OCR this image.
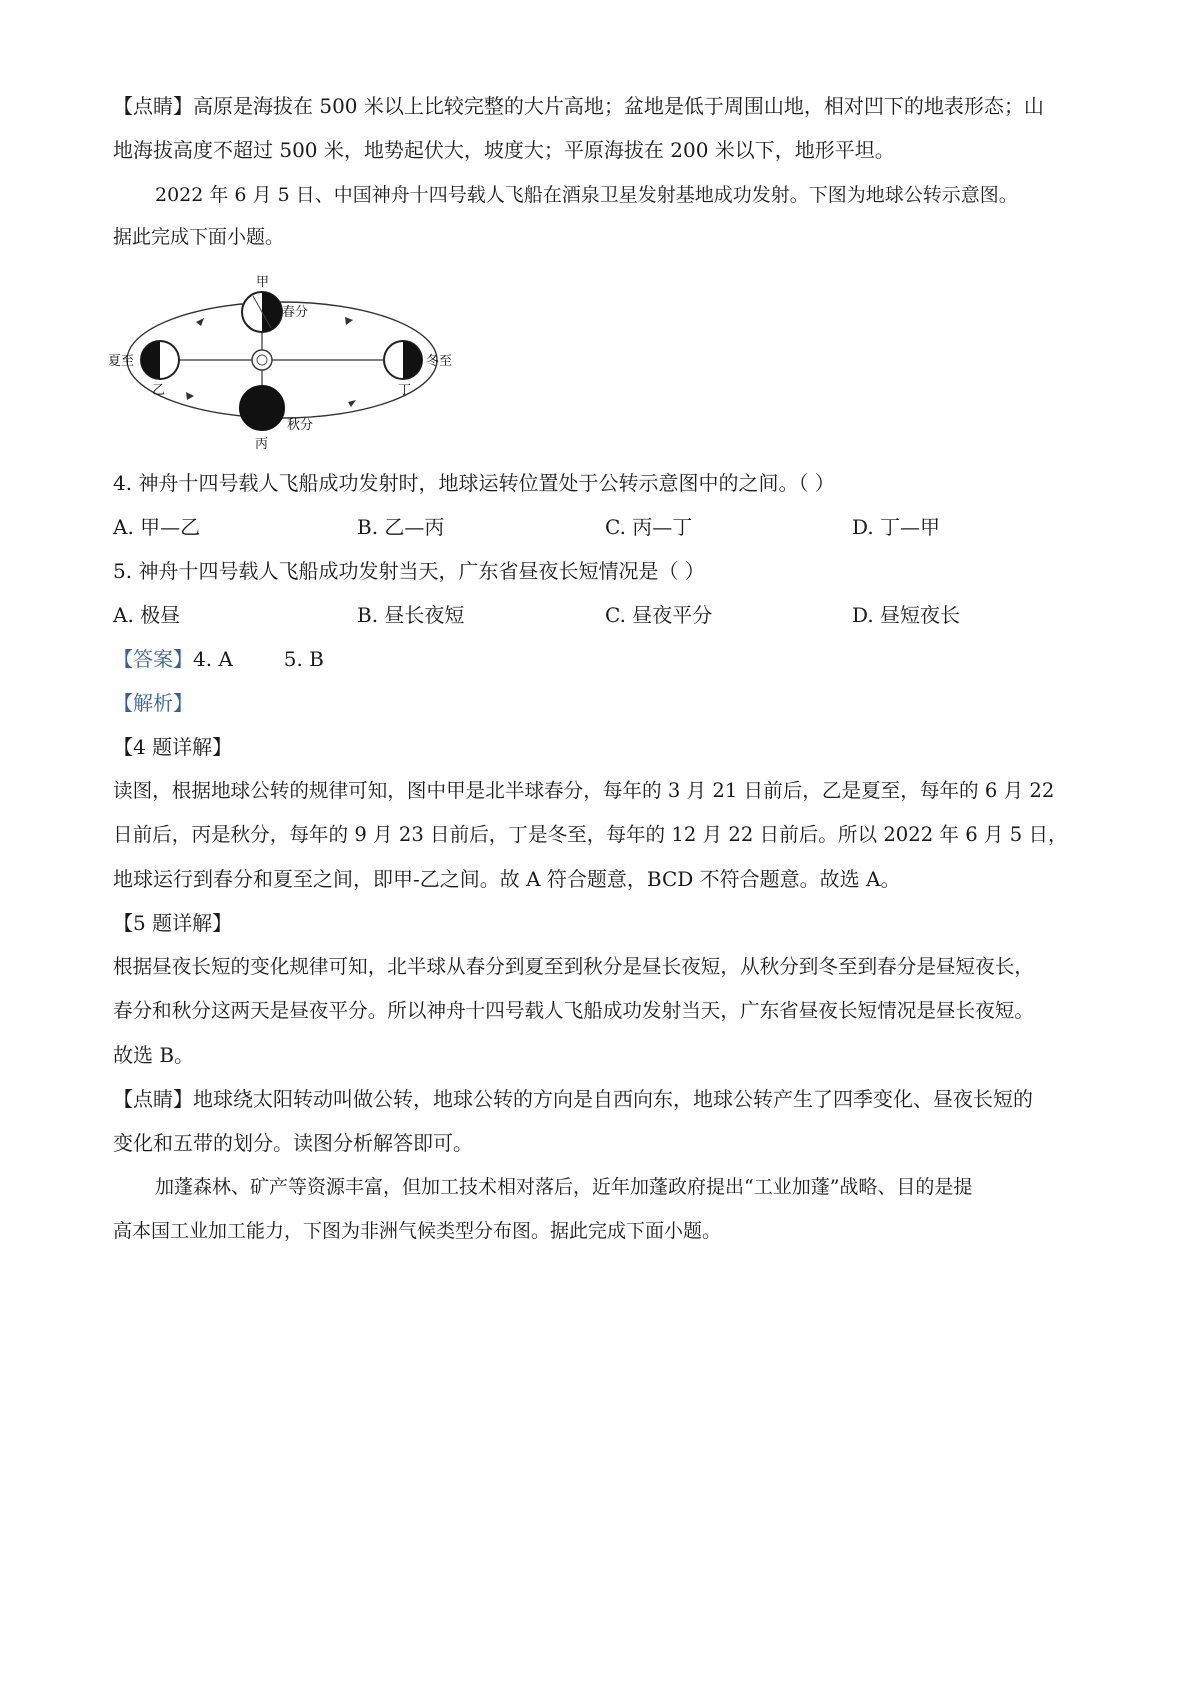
【点睛】高原是海拔在 500 米以上比较完整的大片高地；盆地是低于周围山地，相对凹下的地表形态；山
地海拔高度不超过 500 米，地势起伏大，坡度大；平原海拔在 200 米以下，地形平坦。
2022 年 6 月 5 日、中国神舟十四号载人飞船在酒泉卫星发射基地成功发射。下图为地球公转示意图。
据此完成下面小题。
甲
春分
夏至
乙
冬至
丁
秋分
丙
4. 神舟十四号载人飞船成功发射时，地球运转位置处于公转示意图中的之间。（ ）
A. 甲—乙	B. 乙—丙	C. 丙—丁	D. 丁—甲
5. 神舟十四号载人飞船成功发射当天，广东省昼夜长短情况是（ ）
A. 极昼	B. 昼长夜短	C. 昼夜平分	D. 昼短夜长
【答案】4. A        5. B
【解析】
【4 题详解】
读图，根据地球公转的规律可知，图中甲是北半球春分，每年的 3 月 21 日前后，乙是夏至，每年的 6 月 22
日前后，丙是秋分，每年的 9 月 23 日前后，丁是冬至，每年的 12 月 22 日前后。所以 2022 年 6 月 5 日，
地球运行到春分和夏至之间，即甲-乙之间。故 A 符合题意，BCD 不符合题意。故选 A。
【5 题详解】
根据昼夜长短的变化规律可知，北半球从春分到夏至到秋分是昼长夜短，从秋分到冬至到春分是昼短夜长，
春分和秋分这两天是昼夜平分。所以神舟十四号载人飞船成功发射当天，广东省昼夜长短情况是昼长夜短。
故选 B。
【点睛】地球绕太阳转动叫做公转，地球公转的方向是自西向东，地球公转产生了四季变化、昼夜长短的
变化和五带的划分。读图分析解答即可。
加蓬森林、矿产等资源丰富，但加工技术相对落后，近年加蓬政府提出“工业加蓬”战略、目的是提
高本国工业加工能力，下图为非洲气候类型分布图。据此完成下面小题。
